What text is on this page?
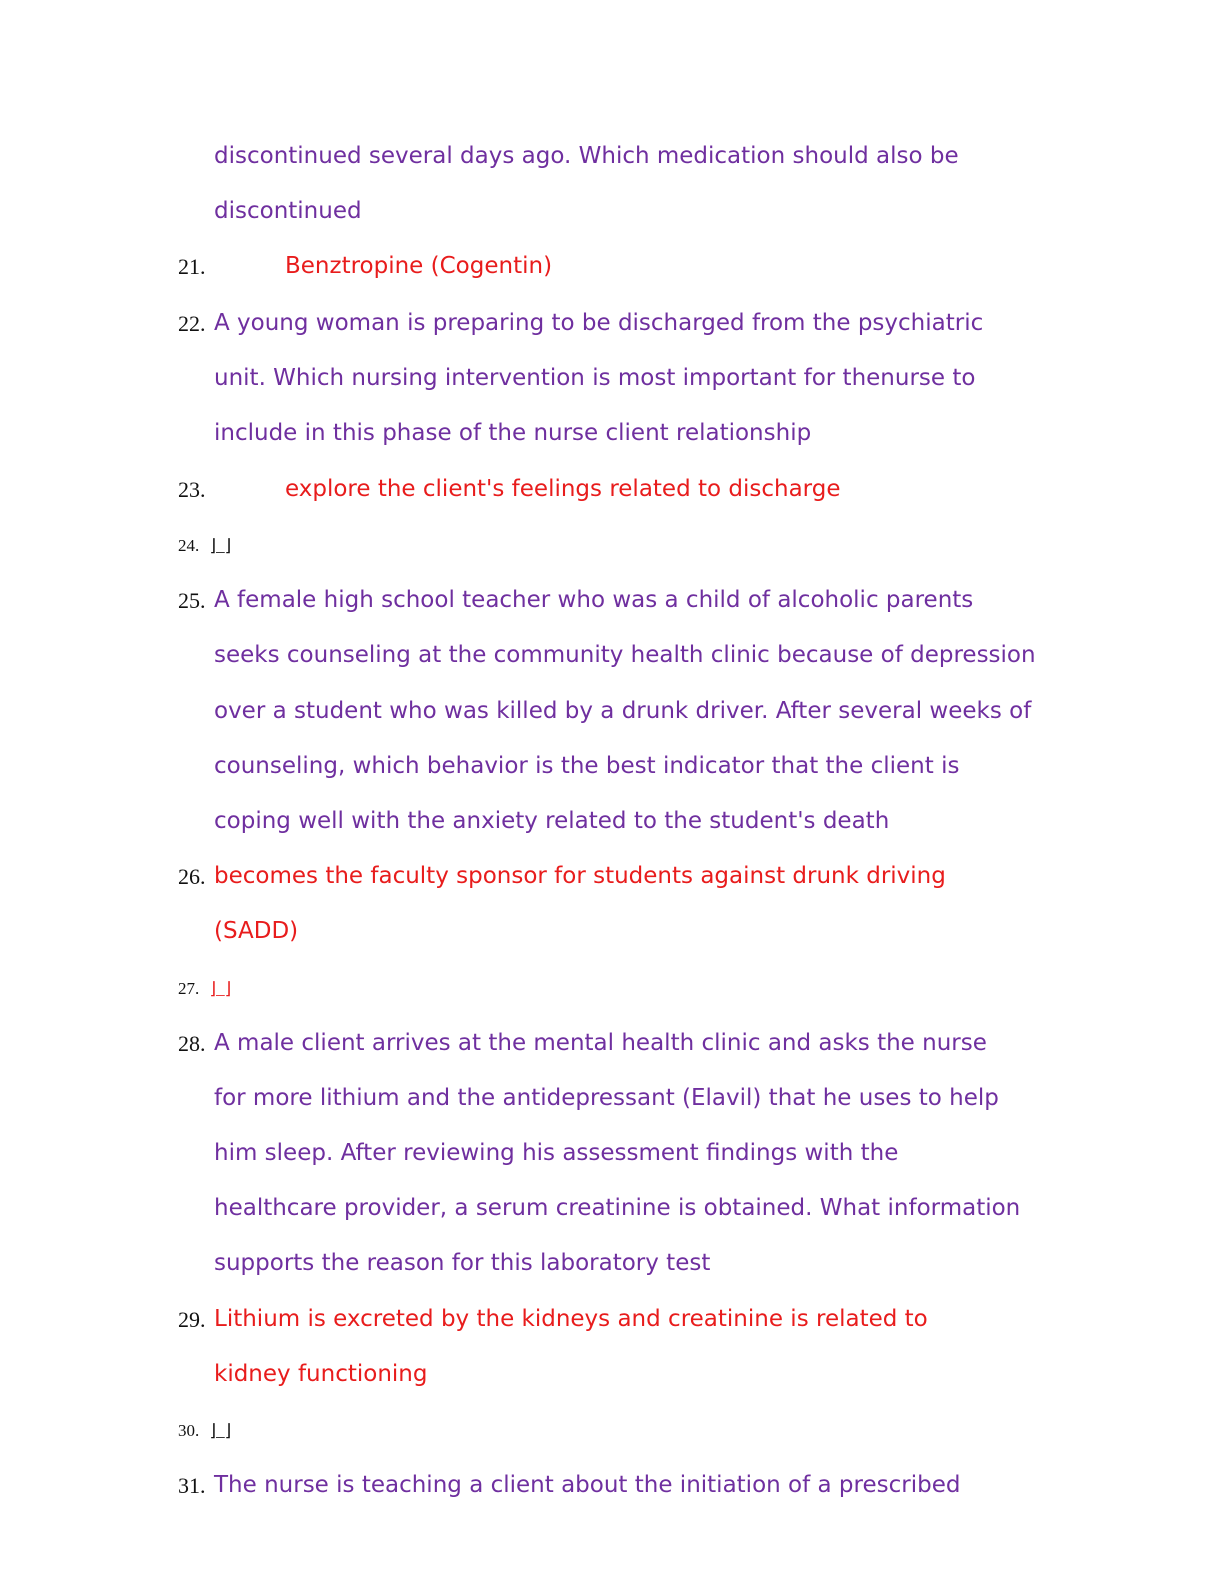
discontinued several days ago. Which medication should also be
discontinued
21.	Benztropine (Cogentin)
22. A young woman is preparing to be discharged from the psychiatric
unit. Which nursing intervention is most important for thenurse to
include in this phase of the nurse client relationship
23.	explore the client's feelings related to discharge
24. ⌋_⌋
25. A female high school teacher who was a child of alcoholic parents
seeks counseling at the community health clinic because of depression
over a student who was killed by a drunk driver. After several weeks of
counseling, which behavior is the best indicator that the client is
coping well with the anxiety related to the student's death
26. becomes the faculty sponsor for students against drunk driving
(SADD)
27. ⌋_⌋
28. A male client arrives at the mental health clinic and asks the nurse
for more lithium and the antidepressant (Elavil) that he uses to help
him sleep. After reviewing his assessment findings with the
healthcare provider, a serum creatinine is obtained. What information
supports the reason for this laboratory test
29. Lithium is excreted by the kidneys and creatinine is related to
kidney functioning
30. ⌋_⌋
31. The nurse is teaching a client about the initiation of a prescribed
